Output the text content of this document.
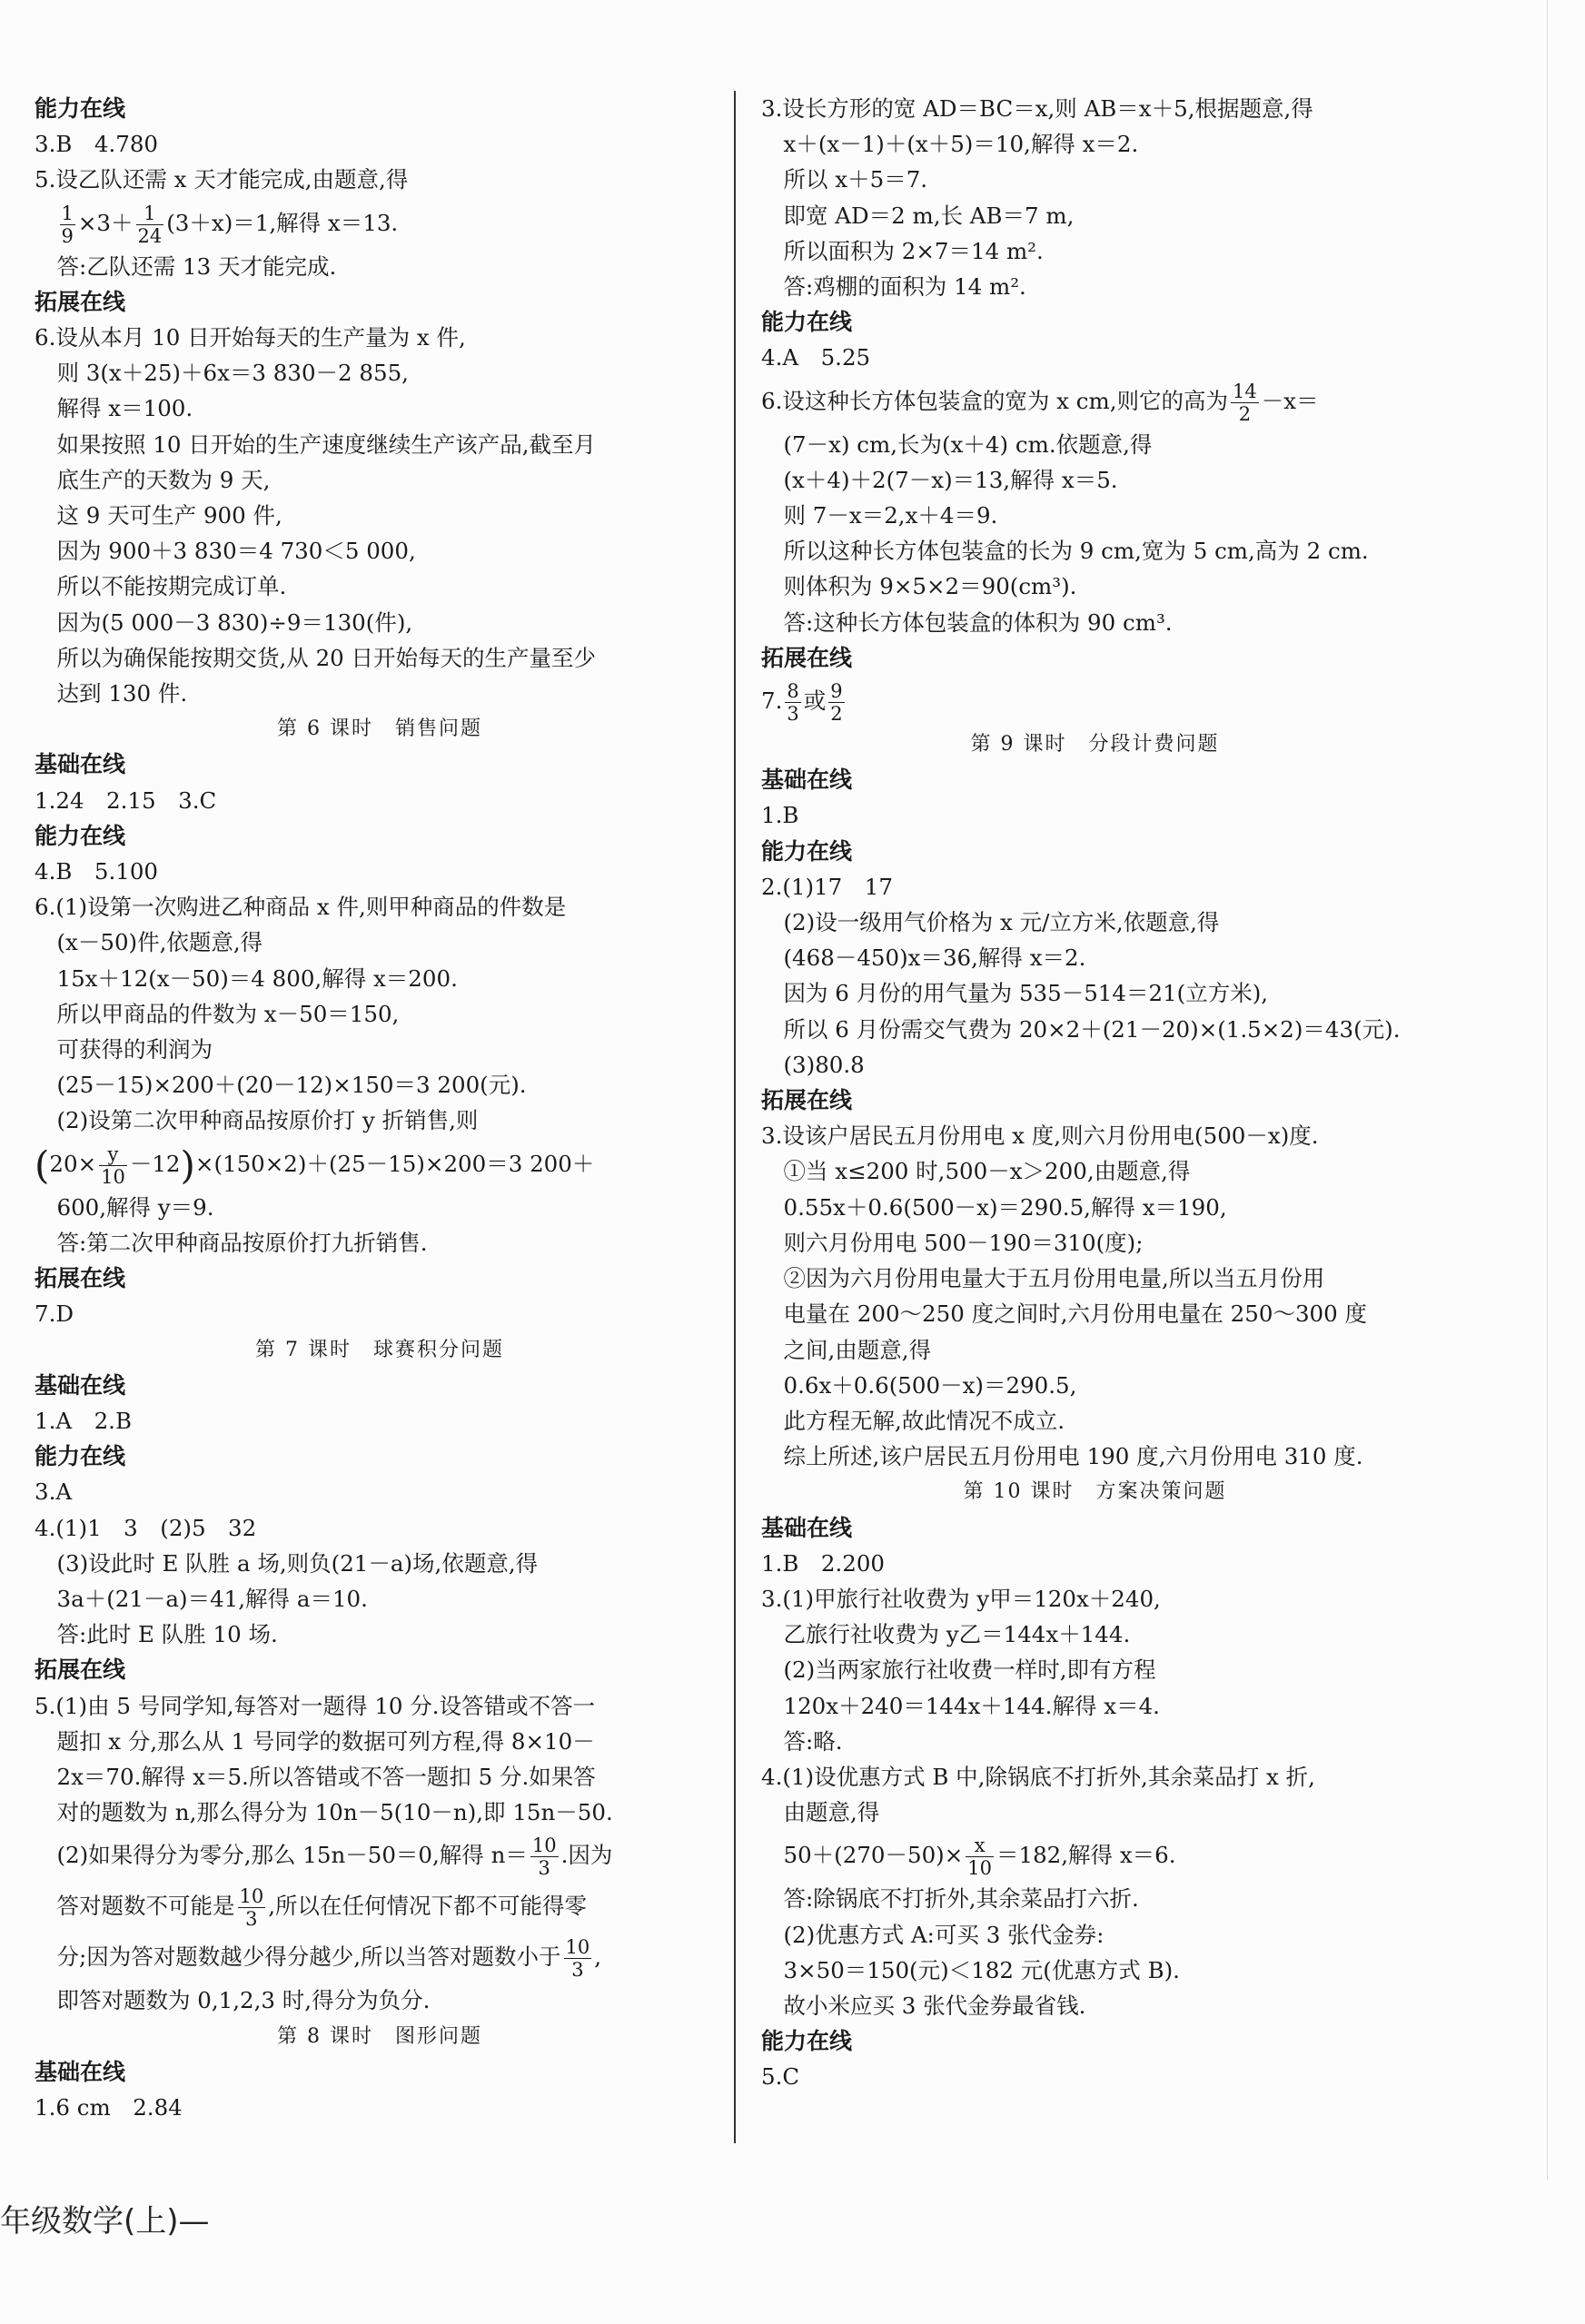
能力在线
3.B　4.780
5.设乙队还需 x 天才能完成,由题意,得

$\frac{1}{9} \times 3+ \frac{1}{24} (3+x)=1$,解得 x＝13.
　答:乙队还需 13 天才能完成.
拓展在线
6.设从本月 10 日开始每天的生产量为 x 件,
　则 3(x＋25)＋6x＝3 830－2 855,
　解得 x＝100.
　如果按照 10 日开始的生产速度继续生产该产品,截至月
　底生产的天数为 9 天,
　这 9 天可生产 900 件,
　因为 900＋3 830＝4 730＜5 000,
　所以不能按期完成订单.
　因为(5 000－3 830)÷9＝130(件),
　所以为确保能按期交货,从 20 日开始每天的生产量至少
　达到 130 件.
第 6 课时　销售问题
基础在线
1.24　2.15　3.C
能力在线
4.B　5.100
6.(1)设第一次购进乙种商品 x 件,则甲种商品的件数是
　(x－50)件,依题意,得
　15x＋12(x－50)＝4 800,解得 x＝200.
　所以甲商品的件数为 x－50＝150,
　可获得的利润为
　(25－15)×200＋(20－12)×150＝3 200(元).
　(2)设第二次甲种商品按原价打 y 折销售,则
$(20\times \frac{y}{10} -12)\times(150\times 2)+(25-15)\times 200=3$ 200＋
　600,解得 y＝9.
　答:第二次甲种商品按原价打九折销售.
拓展在线
7.D
第 7 课时　球赛积分问题
基础在线
1.A　2.B
能力在线
3.A
4.(1)1　3　(2)5　32
　(3)设此时 E 队胜 a 场,则负(21－a)场,依题意,得
　3a＋(21－a)＝41,解得 a＝10.
　答:此时 E 队胜 10 场.
拓展在线
5.(1)由 5 号同学知,每答对一题得 10 分.设答错或不答一
　题扣 x 分,那么从 1 号同学的数据可列方程,得 8×10－
　2x＝70.解得 x＝5.所以答错或不答一题扣 5 分.如果答
　对的题数为 n,那么得分为 10n－5(10－n),即 15n－50.
　(2)如果得分为零分,那么 15n－50＝0,解得 $n= \frac{10}{3}$ .因为
　答对题数不可能是 $\frac{10}{3}$ ,所以在任何情况下都不可能得零
　分;因为答对题数越少得分越少,所以当答对题数小于 $\frac{10}{3}$ ,
　即答对题数为 0,1,2,3 时,得分为负分.
第 8 课时　图形问题
基础在线
1.6 cm　2.84
3.设长方形的宽 AD＝BC＝x,则 AB＝x＋5,根据题意,得
　x＋(x－1)＋(x＋5)＝10,解得 x＝2.
　所以 x＋5＝7.
　即宽 AD＝2 m,长 AB＝7 m,
　所以面积为 2×7＝14 m².
　答:鸡棚的面积为 14 m².
能力在线
4.A　5.25
6.设这种长方体包装盒的宽为 x cm,则它的高为 $\frac{14}{2} -x=$
　(7－x) cm,长为(x＋4) cm.依题意,得
　(x＋4)＋2(7－x)＝13,解得 x＝5.
　则 7－x＝2,x＋4＝9.
　所以这种长方体包装盒的长为 9 cm,宽为 5 cm,高为 2 cm.
　则体积为 9×5×2＝90(cm³).
　答:这种长方体包装盒的体积为 90 cm³.
拓展在线
7. $\frac{8}{3}$ 或 $\frac{9}{2}$
第 9 课时　分段计费问题
基础在线
1.B
能力在线
2.(1)17　17
　(2)设一级用气价格为 x 元/立方米,依题意,得
　(468－450)x＝36,解得 x＝2.
　因为 6 月份的用气量为 535－514＝21(立方米),
　所以 6 月份需交气费为 20×2＋(21－20)×(1.5×2)＝43(元).
　(3)80.8
拓展在线
3.设该户居民五月份用电 x 度,则六月份用电(500－x)度.
　①当 x≤200 时,500－x＞200,由题意,得
　0.55x＋0.6(500－x)＝290.5,解得 x＝190,
　则六月份用电 500－190＝310(度);
　②因为六月份用电量大于五月份用电量,所以当五月份用
　电量在 200～250 度之间时,六月份用电量在 250～300 度
　之间,由题意,得
　0.6x＋0.6(500－x)＝290.5,
　此方程无解,故此情况不成立.
　综上所述,该户居民五月份用电 190 度,六月份用电 310 度.
第 10 课时　方案决策问题
基础在线
1.B　2.200
3.(1)甲旅行社收费为 y甲＝120x＋240,
　乙旅行社收费为 y乙＝144x＋144.
　(2)当两家旅行社收费一样时,即有方程
　120x＋240＝144x＋144.解得 x＝4.
　答:略.
4.(1)设优惠方式 B 中,除锅底不打折外,其余菜品打 x 折,
　由题意,得
　$50+(270-50)\times \frac{x}{10} =182$,解得 x＝6.
　答:除锅底不打折外,其余菜品打六折.
　(2)优惠方式 A:可买 3 张代金券:
　3×50＝150(元)＜182 元(优惠方式 B).
　故小米应买 3 张代金券最省钱.
能力在线
5.C
年级数学(上)—
